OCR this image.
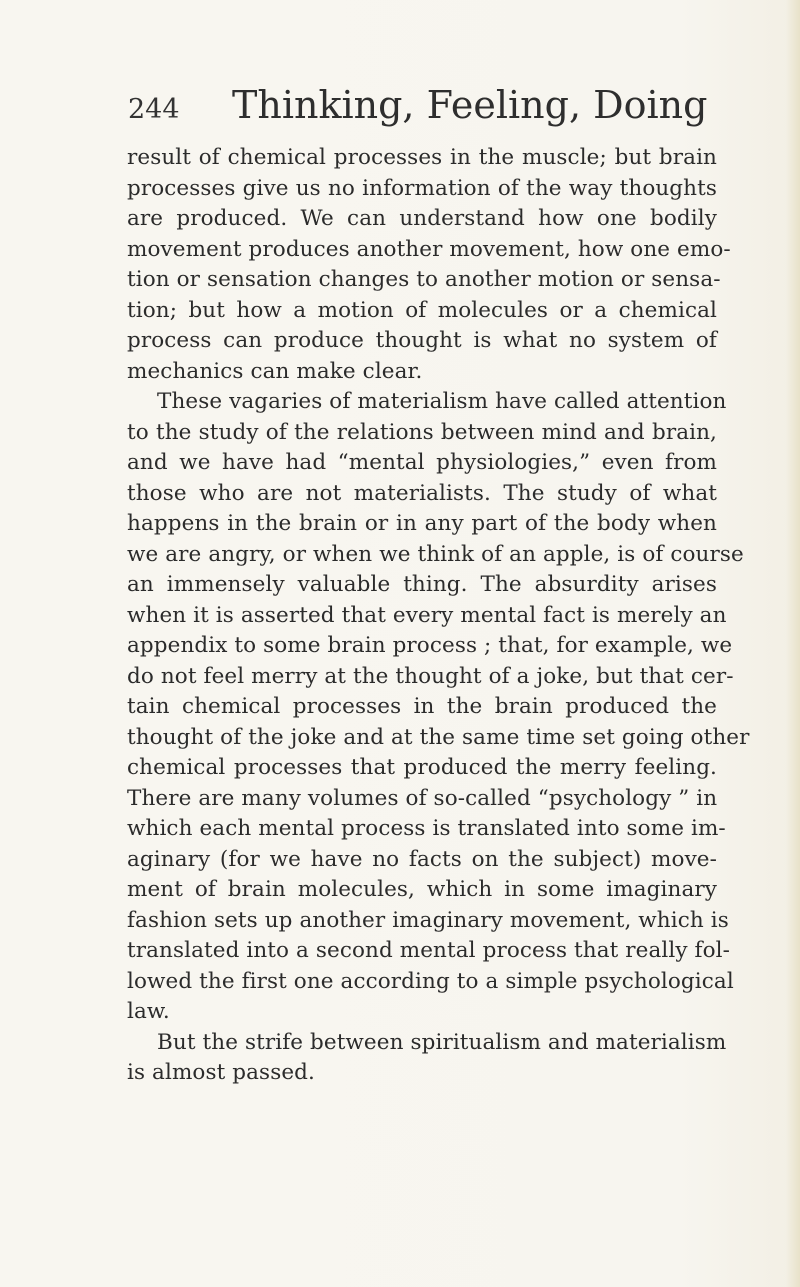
244 Thinking, Feeling, Doing
result of chemical processes in the muscle; but brain
processes give us no information of the way thoughts
are produced. We can understand how one bodily
movement produces another movement, how one emo-
tion or sensation changes to another motion or sensa-
tion; but how a motion of molecules or a chemical
process can produce thought is what no system of
mechanics can make clear.
These vagaries of materialism have called attention
to the study of the relations between mind and brain,
and we have had “mental physiologies,” even from
those who are not materialists. The study of what
happens in the brain or in any part of the body when
we are angry, or when we think of an apple, is of course
an immensely valuable thing. The absurdity arises
when it is asserted that every mental fact is merely an
appendix to some brain process ; that, for example, we
do not feel merry at the thought of a joke, but that cer-
tain chemical processes in the brain produced the
thought of the joke and at the same time set going other
chemical processes that produced the merry feeling.
There are many volumes of so-called “psychology ” in
which each mental process is translated into some im-
aginary (for we have no facts on the subject) move-
ment of brain molecules, which in some imaginary
fashion sets up another imaginary movement, which is
translated into a second mental process that really fol-
lowed the first one according to a simple psychological
law.
But the strife between spiritualism and materialism
is almost passed.
